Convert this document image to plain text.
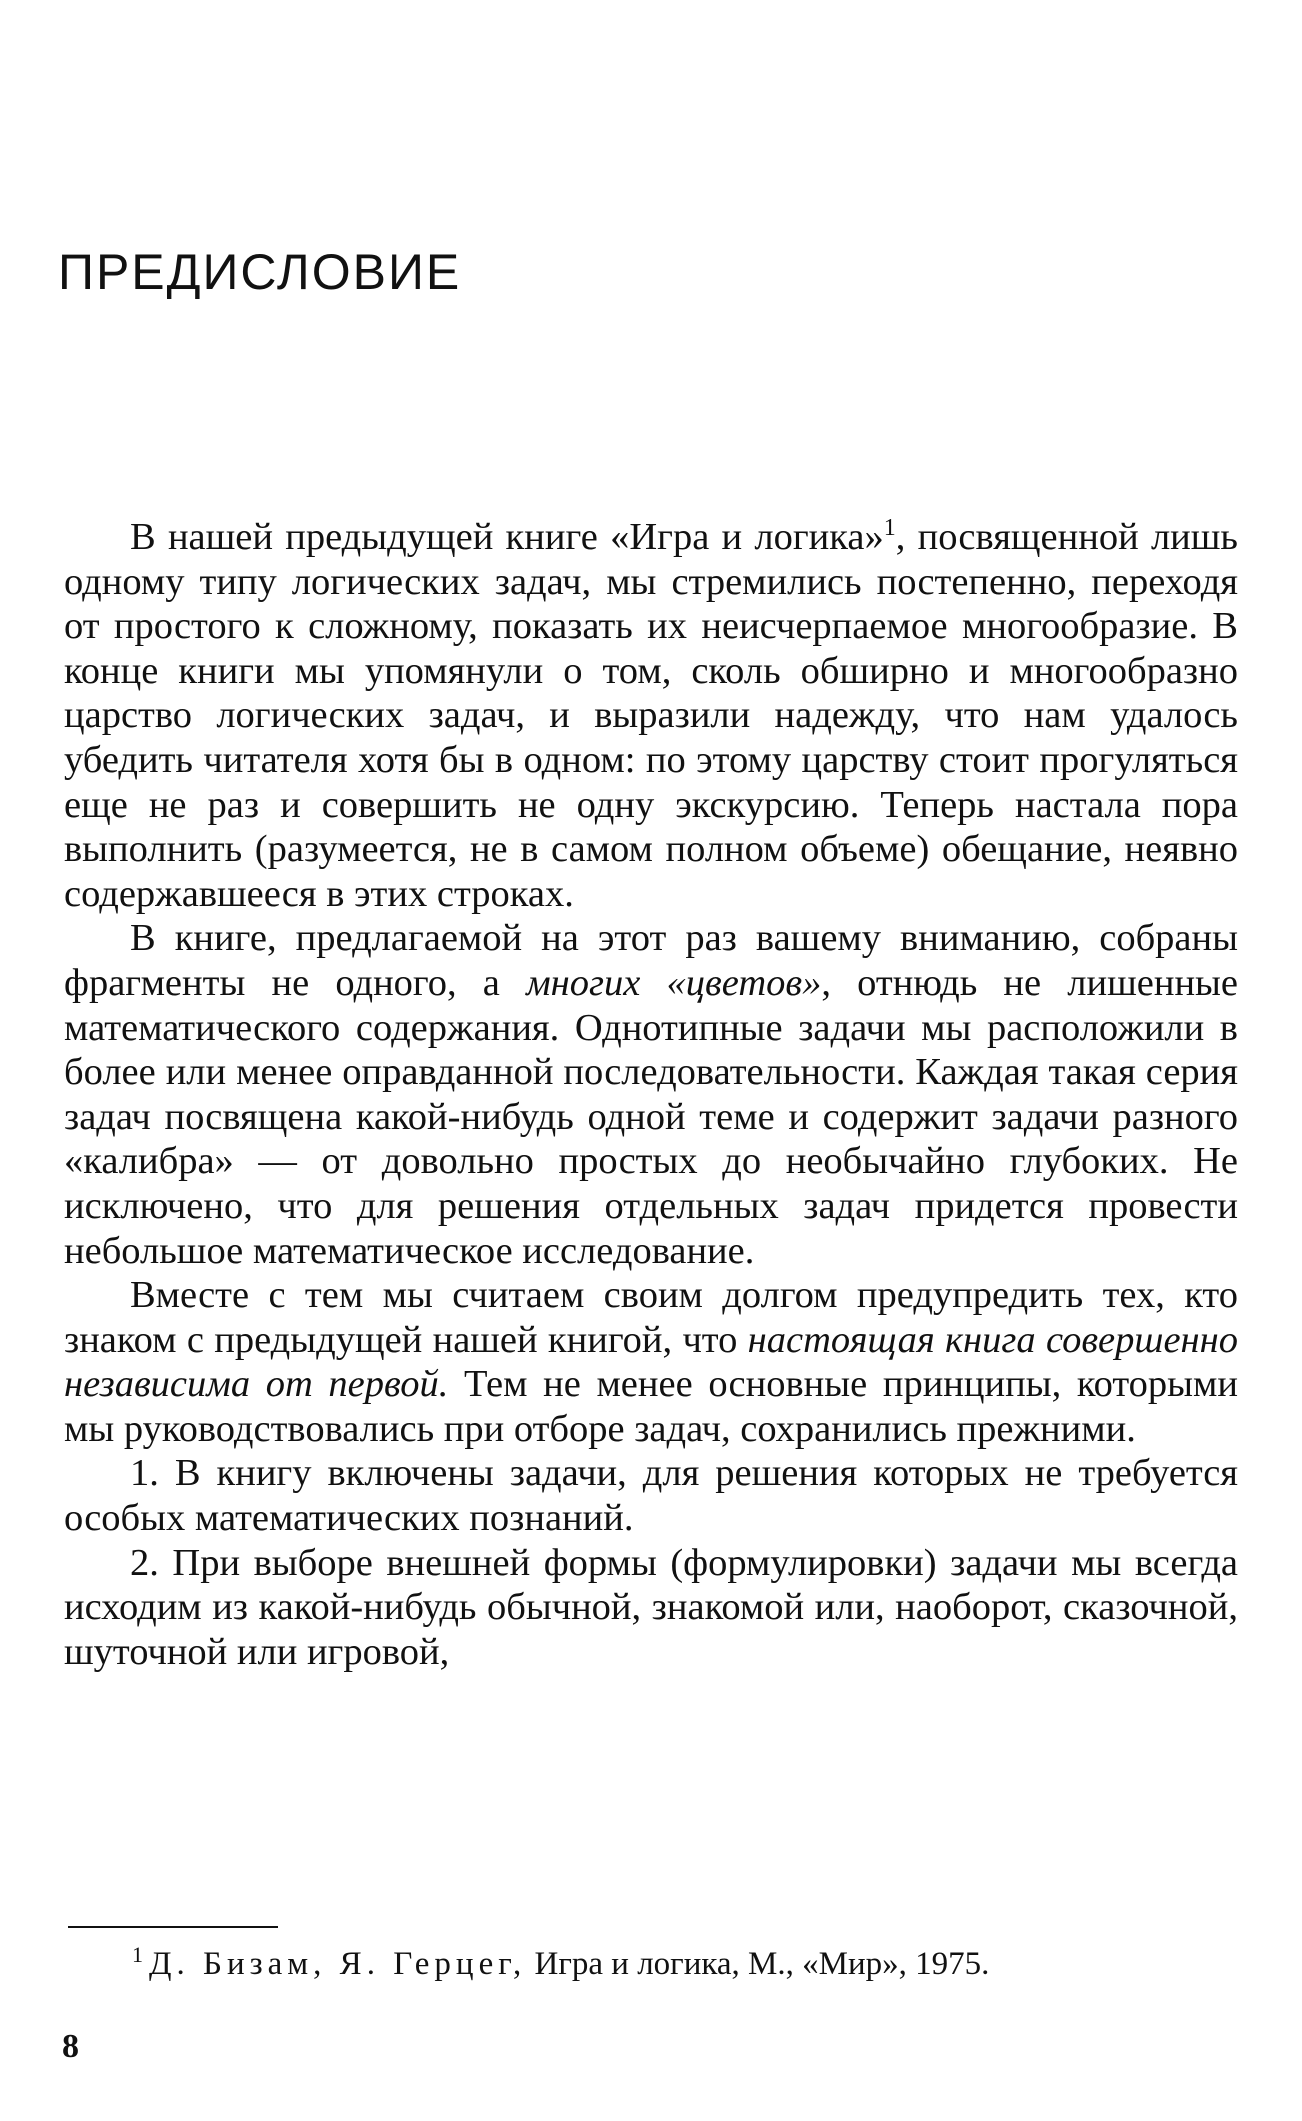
ПРЕДИСЛОВИЕ

В нашей предыдущей книге «Игра и логика»$^1$, посвященной лишь одному типу логических задач, мы стремились постепенно, переходя от простого к сложному, показать их неисчерпаемое многообразие. В конце книги мы упомянули о том, сколь обширно и многообразно царство логических задач, и выразили надежду, что нам удалось убедить читателя хотя бы в одном: по этому царству стоит прогуляться еще не раз и совершить не одну экскурсию. Теперь настала пора выполнить (разумеется, не в самом полном объеме) обещание, неявно содержавшееся в этих строках.

В книге, предлагаемой на этот раз вашему вниманию, собраны фрагменты не одного, а многих «цветов», отнюдь не лишенные математического содержания. Однотипные задачи мы расположили в более или менее оправданной последовательности. Каждая такая серия задач посвящена какой-нибудь одной теме и содержит задачи разного «калибра» — от довольно простых до необычайно глубоких. Не исключено, что для решения отдельных задач придется провести небольшое математическое исследование.

Вместе с тем мы считаем своим долгом предупредить тех, кто знаком с предыдущей нашей книгой, что настоящая книга совершенно независима от первой. Тем не менее основные принципы, которыми мы руководствовались при отборе задач, сохранились прежними.

1. В книгу включены задачи, для решения которых не требуется особых математических познаний.

2. При выборе внешней формы (формулировки) задачи мы всегда исходим из какой-нибудь обычной, знакомой или, наоборот, сказочной, шуточной или игровой,

$^1$ Д. Бизам, Я. Герцег, Игра и логика, М., «Мир», 1975.
8
